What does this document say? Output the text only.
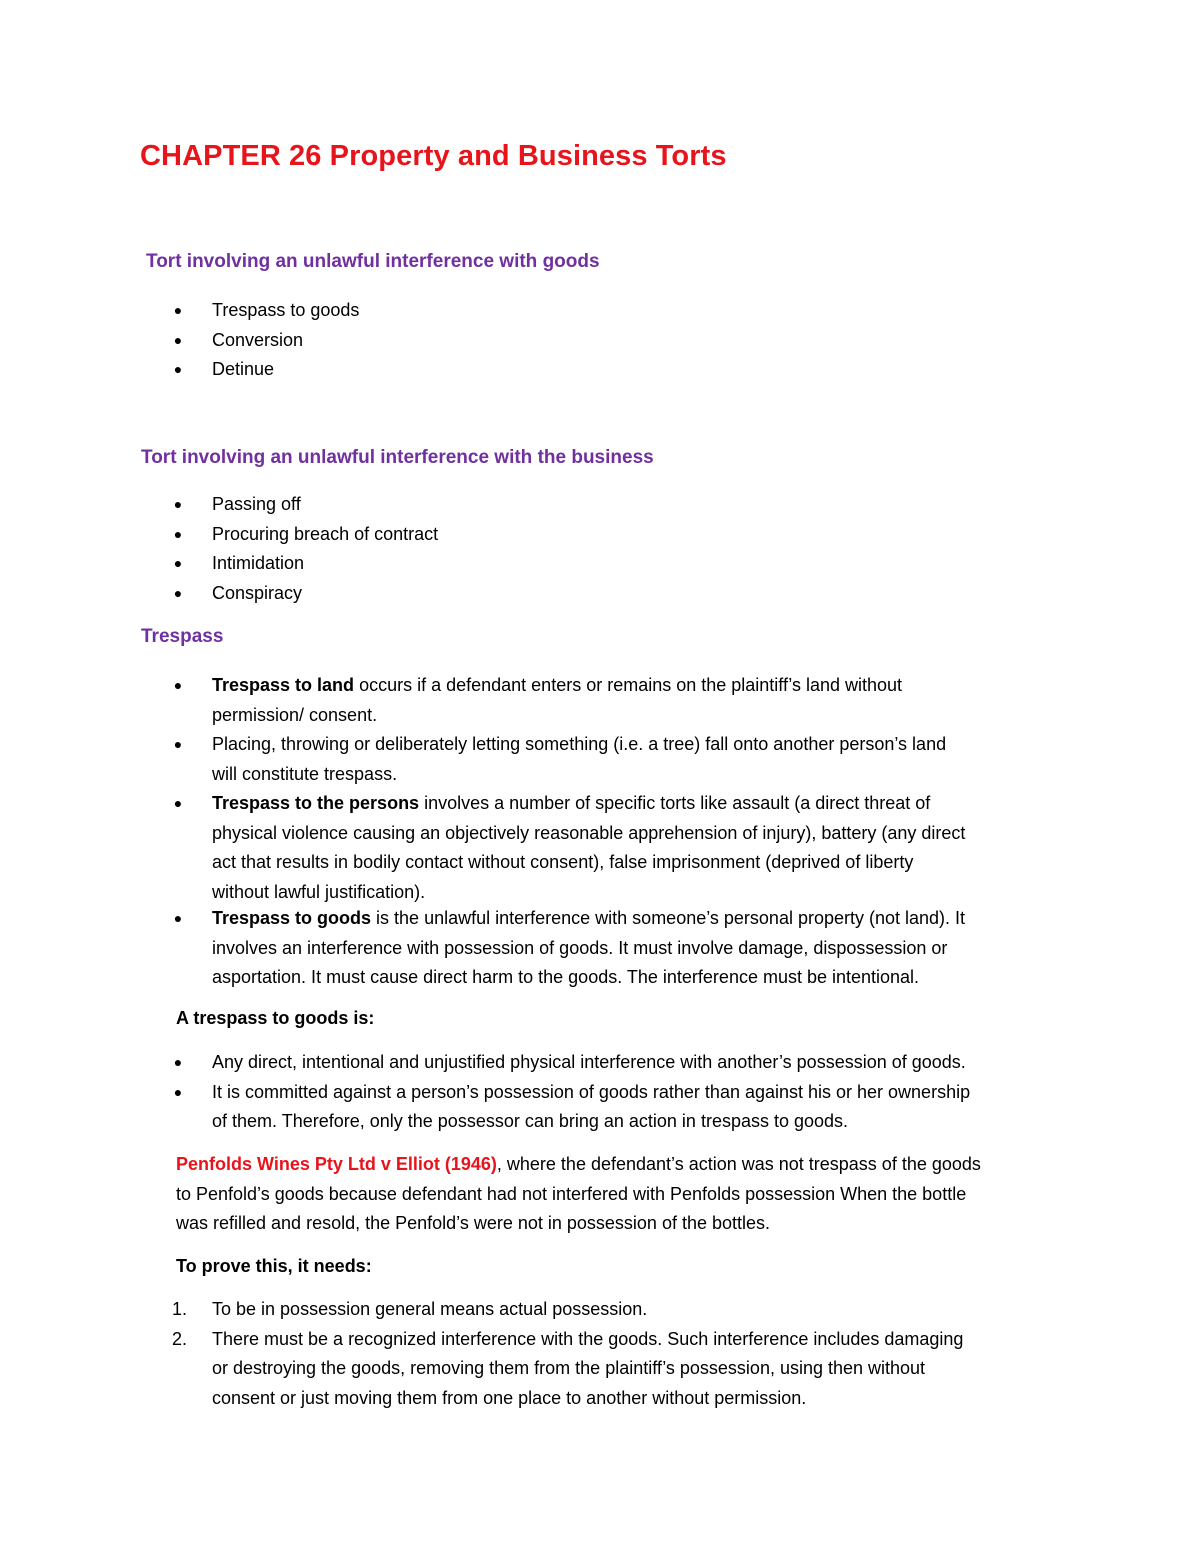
CHAPTER 26 Property and Business Torts
Tort involving an unlawful interference with goods
● Trespass to goods
● Conversion
● Detinue
Tort involving an unlawful interference with the business
● Passing off
● Procuring breach of contract
● Intimidation
● Conspiracy
Trespass
● Trespass to land occurs if a defendant enters or remains on the plaintiff’s land without

permission/ consent.

● Placing, throwing or deliberately letting something (i.e. a tree) fall onto another person’s land

will constitute trespass.

● Trespass to the persons involves a number of specific torts like assault (a direct threat of

physical violence causing an objectively reasonable apprehension of injury), battery (any direct

act that results in bodily contact without consent), false imprisonment (deprived of liberty

without lawful justification).

● Trespass to goods is the unlawful interference with someone’s personal property (not land). It

involves an interference with possession of goods. It must involve damage, dispossession or

asportation. It must cause direct harm to the goods. The interference must be intentional.

A trespass to goods is:
● Any direct, intentional and unjustified physical interference with another’s possession of goods.

● It is committed against a person’s possession of goods rather than against his or her ownership

of them. Therefore, only the possessor can bring an action in trespass to goods.

Penfolds Wines Pty Ltd v Elliot (1946), where the defendant’s action was not trespass of the goods

to Penfold’s goods because defendant had not interfered with Penfolds possession When the bottle

was refilled and resold, the Penfold’s were not in possession of the bottles.

To prove this, it needs:
1. To be in possession general means actual possession.

2. There must be a recognized interference with the goods. Such interference includes damaging

or destroying the goods, removing them from the plaintiff’s possession, using then without

consent or just moving them from one place to another without permission.
